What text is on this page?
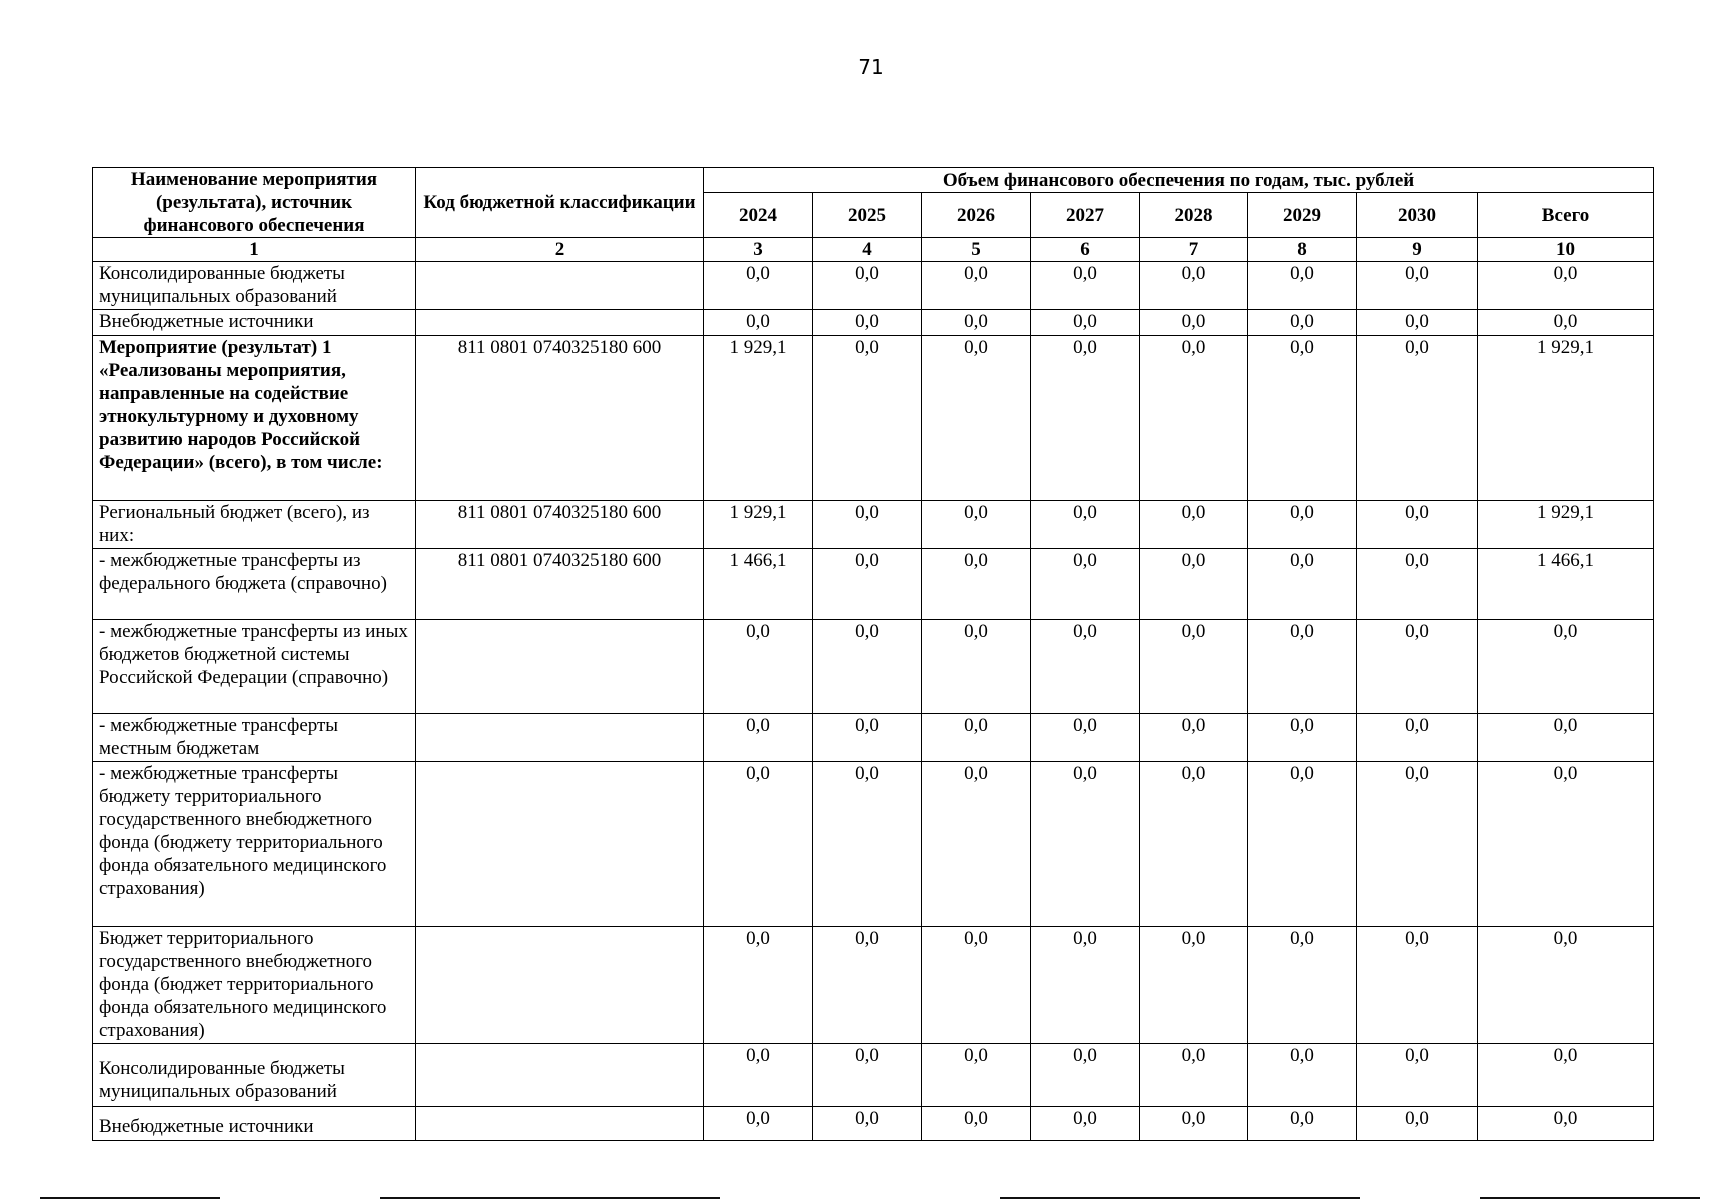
71
Наименование мероприятия (результата), источник финансового обеспечения	Код бюджетной классификации	Объем финансового обеспечения по годам, тыс. рублей							
		2024	2025	2026	2027	2028	2029	2030	Всего
1	2	3	4	5	6	7	8	9	10
Консолидированные бюджеты муниципальных образований		0,0	0,0	0,0	0,0	0,0	0,0	0,0	0,0
Внебюджетные источники		0,0	0,0	0,0	0,0	0,0	0,0	0,0	0,0
Мероприятие (результат) 1 «Реализованы мероприятия, направленные на содействие этнокультурному и духовному развитию народов Российской Федерации» (всего), в том числе:	811 0801 0740325180 600	1 929,1	0,0	0,0	0,0	0,0	0,0	0,0	1 929,1
Региональный бюджет (всего), из них:	811 0801 0740325180 600	1 929,1	0,0	0,0	0,0	0,0	0,0	0,0	1 929,1
- межбюджетные трансферты из федерального бюджета (справочно)	811 0801 0740325180 600	1 466,1	0,0	0,0	0,0	0,0	0,0	0,0	1 466,1
- межбюджетные трансферты из иных бюджетов бюджетной системы Российской Федерации (справочно)		0,0	0,0	0,0	0,0	0,0	0,0	0,0	0,0
- межбюджетные трансферты местным бюджетам		0,0	0,0	0,0	0,0	0,0	0,0	0,0	0,0
- межбюджетные трансферты бюджету территориального государственного внебюджетного фонда (бюджету территориального фонда обязательного медицинского страхования)		0,0	0,0	0,0	0,0	0,0	0,0	0,0	0,0
Бюджет территориального государственного внебюджетного фонда (бюджет территориального фонда обязательного медицинского страхования)		0,0	0,0	0,0	0,0	0,0	0,0	0,0	0,0
Консолидированные бюджеты муниципальных образований		0,0	0,0	0,0	0,0	0,0	0,0	0,0	0,0
Внебюджетные источники		0,0	0,0	0,0	0,0	0,0	0,0	0,0	0,0
